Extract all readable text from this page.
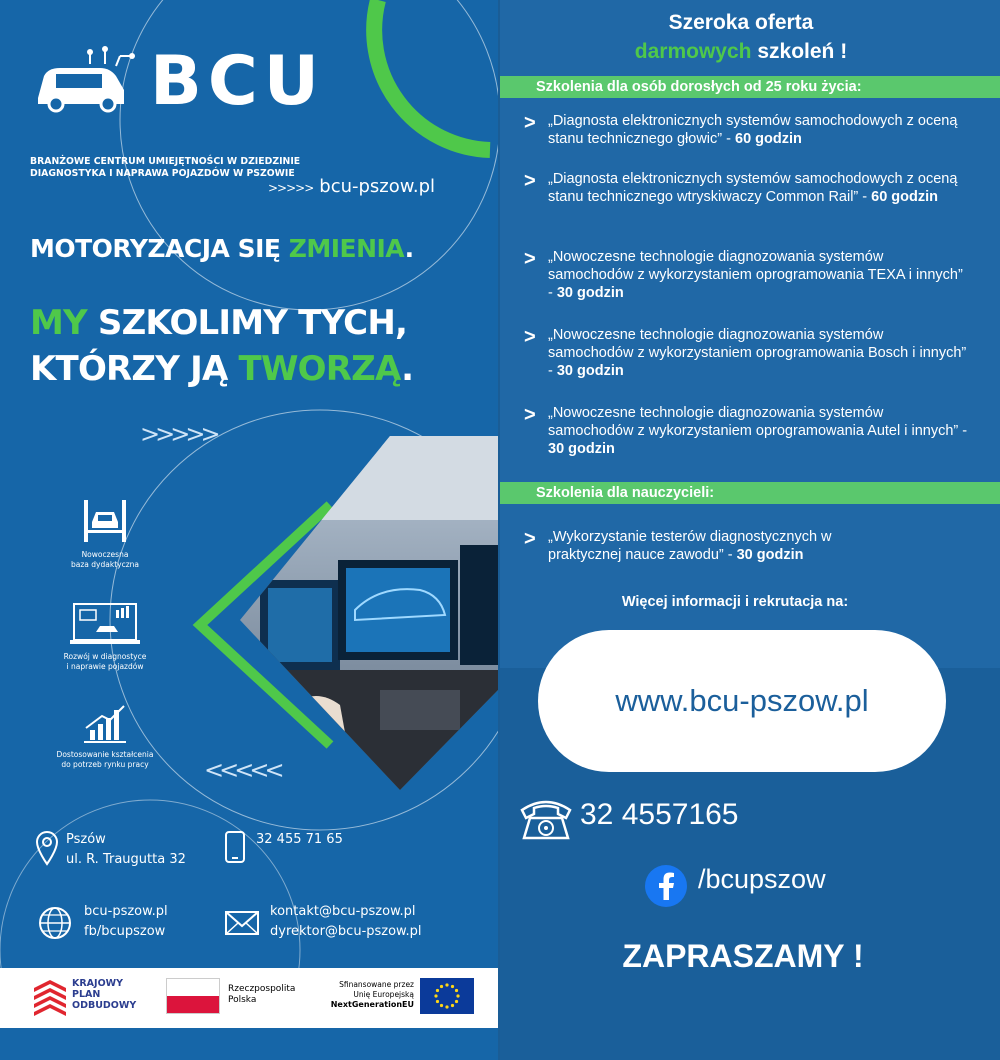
BCU
BRANŻOWE CENTRUM UMIEJĘTNOŚCI W DZIEDZINIE
DIAGNOSTYKA I NAPRAWA POJAZDÓW W PSZOWIE
>>>>> bcu-pszow.pl
MOTORYZACJA SIĘ ZMIENIA.
MY SZKOLIMY TYCH,
KTÓRZY JĄ TWORZĄ.
>>>>>
Nowoczesna
baza dydaktyczna
Rozwój w diagnostyce
i naprawie pojazdów
Dostosowanie kształcenia
do potrzeb rynku pracy	<<<<<
Pszów
ul. R. Traugutta 32
32 455 71 65
bcu-pszow.pl
fb/bcupszow
kontakt@bcu-pszow.pl
dyrektor@bcu-pszow.pl
KRAJOWY
PLAN
ODBUDOWY
Rzeczpospolita
Polska
Sfinansowane przez
Unię Europejską
NextGenerationEU
Szeroka oferta
darmowych szkoleń !
Szkolenia dla osób dorosłych od 25 roku życia:
> „Diagnosta elektronicznych systemów samochodowych z oceną stanu technicznego głowic” - 60 godzin
> „Diagnosta elektronicznych systemów samochodowych z oceną stanu technicznego wtryskiwaczy Common Rail” - 60 godzin
> „Nowoczesne technologie diagnozowania systemów samochodów z wykorzystaniem oprogramowania TEXA i innych” - 30 godzin
> „Nowoczesne technologie diagnozowania systemów samochodów z wykorzystaniem oprogramowania Bosch i innych” - 30 godzin
> „Nowoczesne technologie diagnozowania systemów samochodów z wykorzystaniem oprogramowania Autel i innych” - 30 godzin
Szkolenia dla nauczycieli:
> „Wykorzystanie testerów diagnostycznych w praktycznej nauce zawodu” - 30 godzin
Więcej informacji i rekrutacja na:
www.bcu-pszow.pl
32 4557165
/bcupszow
ZAPRASZAMY !
